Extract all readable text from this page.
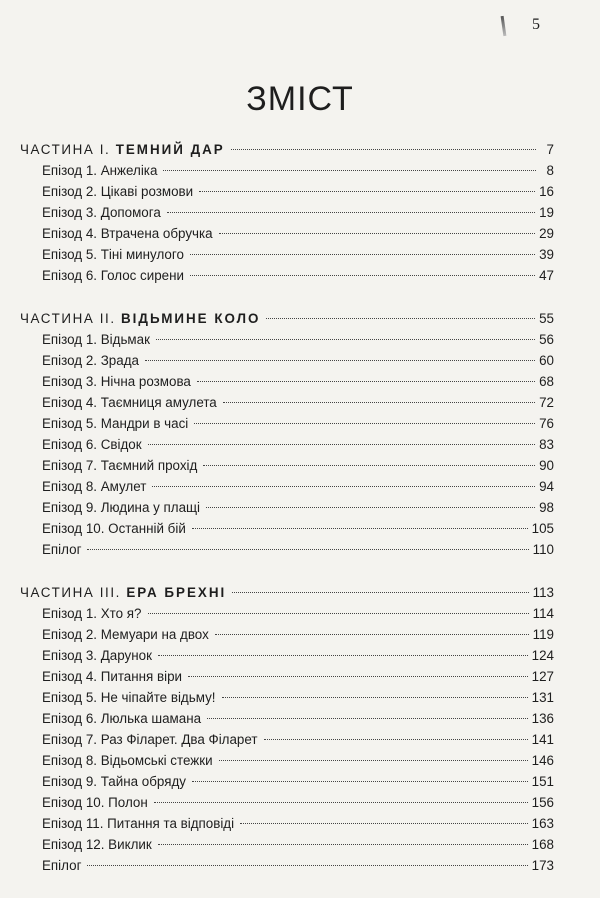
5
ЗМІСТ
ЧАСТИНА I. ТЕМНИЙ ДАР	7
Епізод 1. Анжеліка	8
Епізод 2. Цікаві розмови	16
Епізод 3. Допомога	19
Епізод 4. Втрачена обручка	29
Епізод 5. Тіні минулого	39
Епізод 6. Голос сирени	47
ЧАСТИНА II. ВІДЬМИНЕ КОЛО	55
Епізод 1. Відьмак	56
Епізод 2. Зрада	60
Епізод 3. Нічна розмова	68
Епізод 4. Таємниця амулета	72
Епізод 5. Мандри в часі	76
Епізод 6. Свідок	83
Епізод 7. Таємний прохід	90
Епізод 8. Амулет	94
Епізод 9. Людина у плащі	98
Епізод 10. Останній бій	105
Епілог	110
ЧАСТИНА III. ЕРА БРЕХНІ	113
Епізод 1. Хто я?	114
Епізод 2. Мемуари на двох	119
Епізод 3. Дарунок	124
Епізод 4. Питання віри	127
Епізод 5. Не чіпайте відьму!	131
Епізод 6. Люлька шамана	136
Епізод 7. Раз Філарет. Два Філарет	141
Епізод 8. Відьомські стежки	146
Епізод 9. Тайна обряду	151
Епізод 10. Полон	156
Епізод 11. Питання та відповіді	163
Епізод 12. Виклик	168
Епілог	173
